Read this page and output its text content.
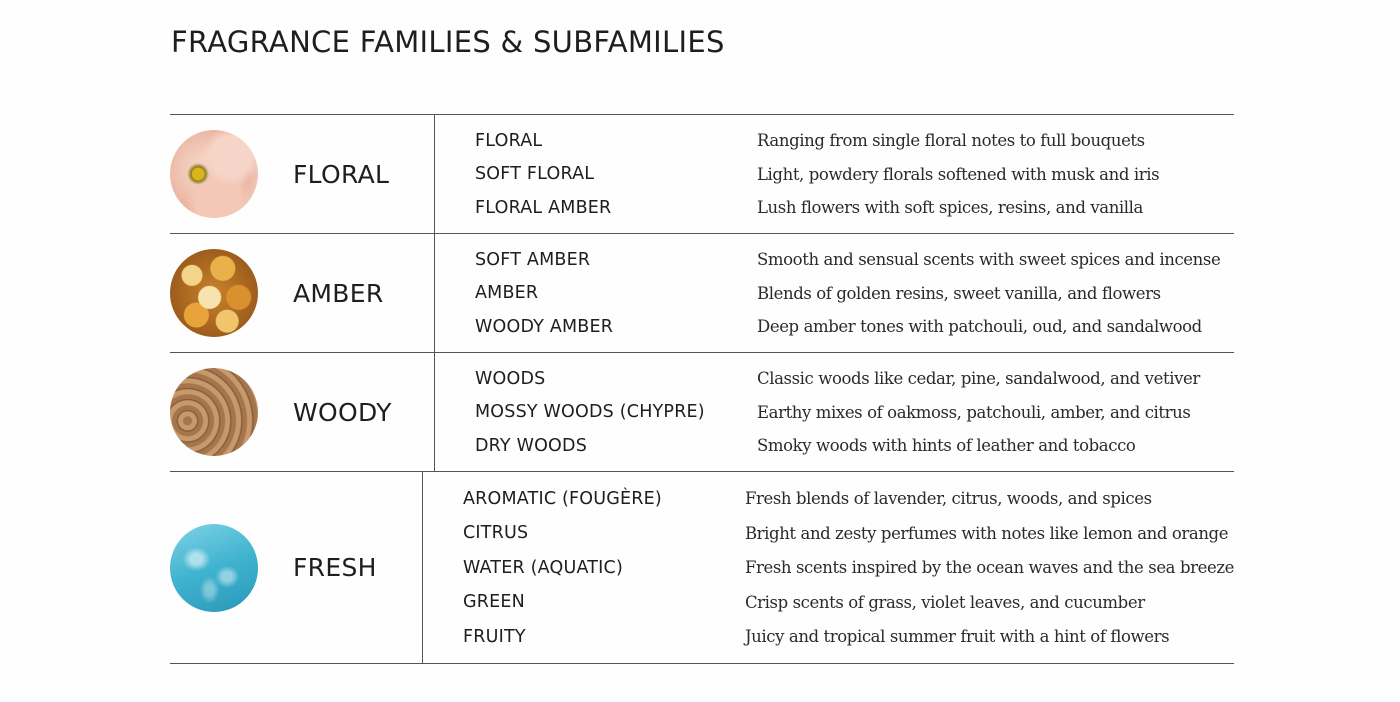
FRAGRANCE FAMILIES & SUBFAMILIES
FLORAL
FLORAL	Ranging from single floral notes to full bouquets
SOFT FLORAL	Light, powdery florals softened with musk and iris
FLORAL AMBER	Lush flowers with soft spices, resins, and vanilla
AMBER
SOFT AMBER	Smooth and sensual scents with sweet spices and incense
AMBER	Blends of golden resins, sweet vanilla, and flowers
WOODY AMBER	Deep amber tones with patchouli, oud, and sandalwood
WOODY
WOODS	Classic woods like cedar, pine, sandalwood, and vetiver
MOSSY WOODS (CHYPRE)	Earthy mixes of oakmoss, patchouli, amber, and citrus
DRY WOODS	Smoky woods with hints of leather and tobacco
FRESH
AROMATIC (FOUGÈRE)	Fresh blends of lavender, citrus, woods, and spices
CITRUS	Bright and zesty perfumes with notes like lemon and orange
WATER (AQUATIC)	Fresh scents inspired by the ocean waves and the sea breeze
GREEN	Crisp scents of grass, violet leaves, and cucumber
FRUITY	Juicy and tropical summer fruit with a hint of flowers
